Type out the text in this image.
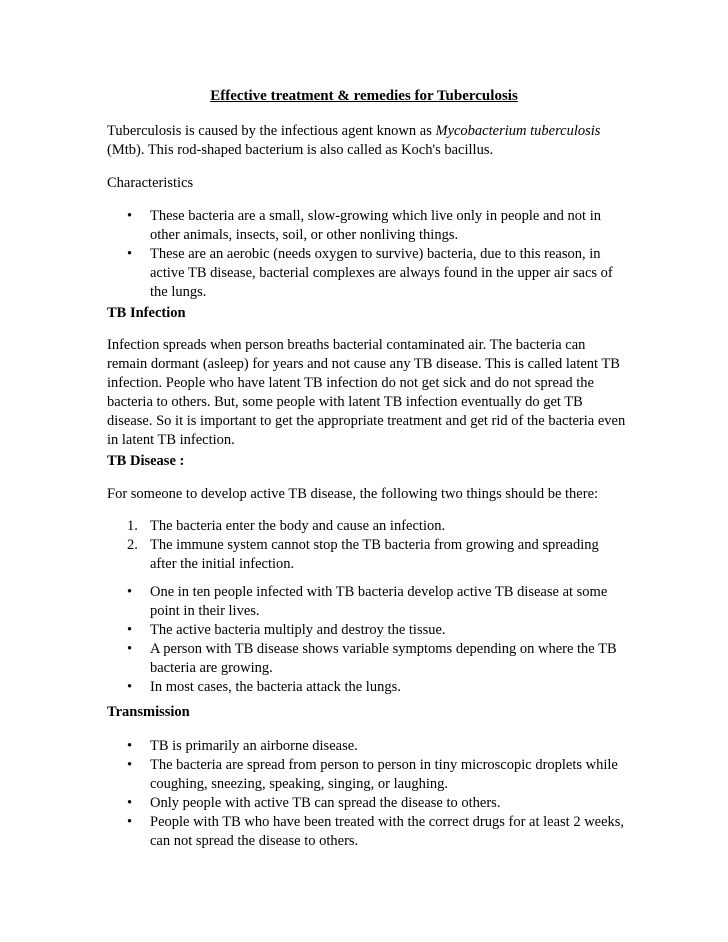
Effective treatment & remedies for Tuberculosis

Tuberculosis is caused by the infectious agent known as Mycobacterium tuberculosis (Mtb). This rod-shaped bacterium is also called as Koch's bacillus.

Characteristics
• These bacteria are a small, slow-growing which live only in people and not in other animals, insects, soil, or other nonliving things.
• These are an aerobic (needs oxygen to survive) bacteria, due to this reason, in active TB disease, bacterial complexes are always found in the upper air sacs of the lungs.
TB Infection

Infection spreads when person breaths bacterial contaminated air. The bacteria can remain dormant (asleep) for years and not cause any TB disease. This is called latent TB infection. People who have latent TB infection do not get sick and do not spread the bacteria to others. But, some people with latent TB infection eventually do get TB disease. So it is important to get the appropriate treatment and get rid of the bacteria even in latent TB infection.

TB Disease :

For someone to develop active TB disease, the following two things should be there:

1. The bacteria enter the body and cause an infection.
2. The immune system cannot stop the TB bacteria from growing and spreading after the initial infection.
• One in ten people infected with TB bacteria develop active TB disease at some point in their lives.
• The active bacteria multiply and destroy the tissue.
• A person with TB disease shows variable symptoms depending on where the TB bacteria are growing.
• In most cases, the bacteria attack the lungs.
Transmission
• TB is primarily an airborne disease.
• The bacteria are spread from person to person in tiny microscopic droplets while coughing, sneezing, speaking, singing, or laughing.
• Only people with active TB can spread the disease to others.
• People with TB who have been treated with the correct drugs for at least 2 weeks, can not spread the disease to others.
